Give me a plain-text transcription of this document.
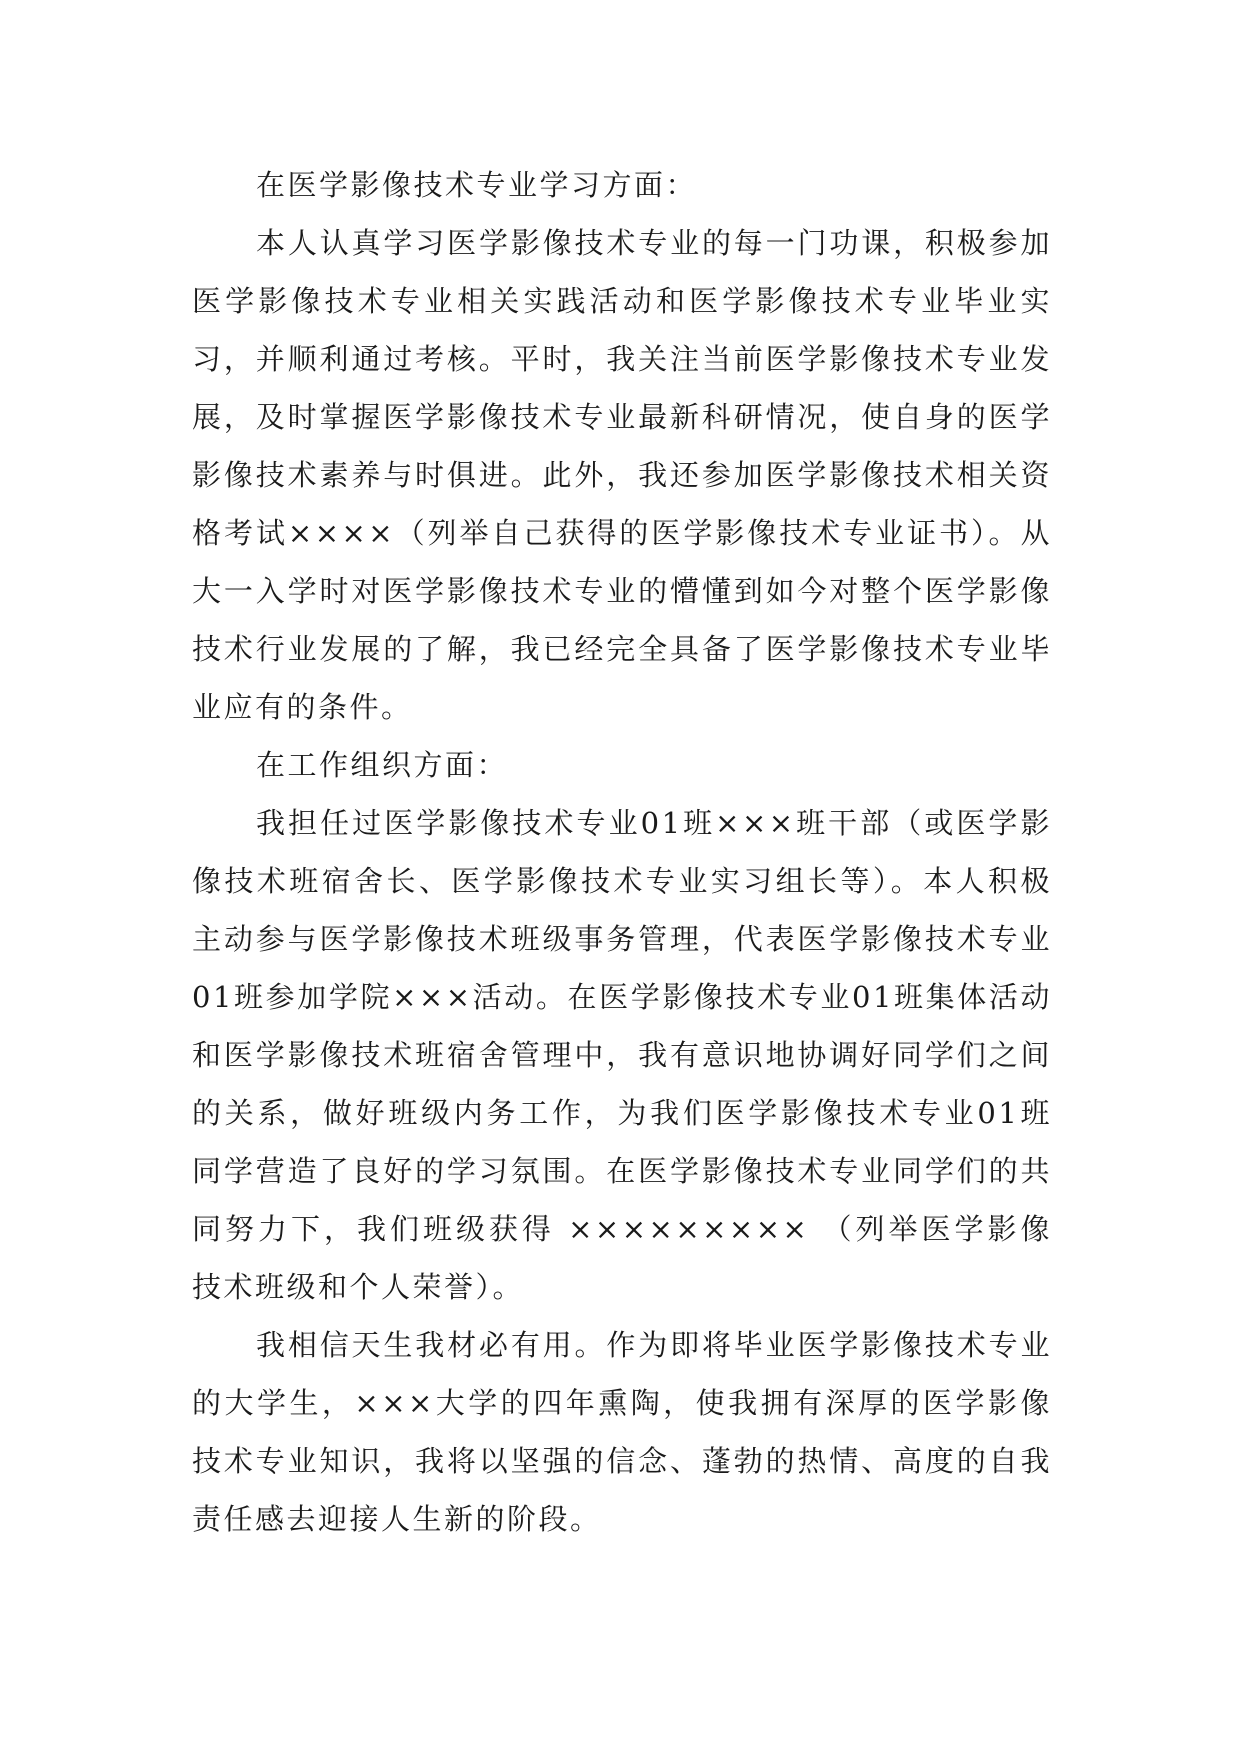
在医学影像技术专业学习方面：

本人认真学习医学影像技术专业的每一门功课，积极参加医学影像技术专业相关实践活动和医学影像技术专业毕业实习，并顺利通过考核。平时，我关注当前医学影像技术专业发展，及时掌握医学影像技术专业最新科研情况，使自身的医学影像技术素养与时俱进。此外，我还参加医学影像技术相关资格考试××××（列举自己获得的医学影像技术专业证书）。从大一入学时对医学影像技术专业的懵懂到如今对整个医学影像技术行业发展的了解，我已经完全具备了医学影像技术专业毕业应有的条件。

在工作组织方面：

我担任过医学影像技术专业01班×××班干部（或医学影像技术班宿舍长、医学影像技术专业实习组长等）。本人积极主动参与医学影像技术班级事务管理，代表医学影像技术专业01班参加学院×××活动。在医学影像技术专业01班集体活动和医学影像技术班宿舍管理中，我有意识地协调好同学们之间的关系，做好班级内务工作，为我们医学影像技术专业01班同学营造了良好的学习氛围。在医学影像技术专业同学们的共同努力下，我们班级获得 ××××××××× （列举医学影像技术班级和个人荣誉）。

我相信天生我材必有用。作为即将毕业医学影像技术专业的大学生，×××大学的四年熏陶，使我拥有深厚的医学影像技术专业知识，我将以坚强的信念、蓬勃的热情、高度的自我责任感去迎接人生新的阶段。
